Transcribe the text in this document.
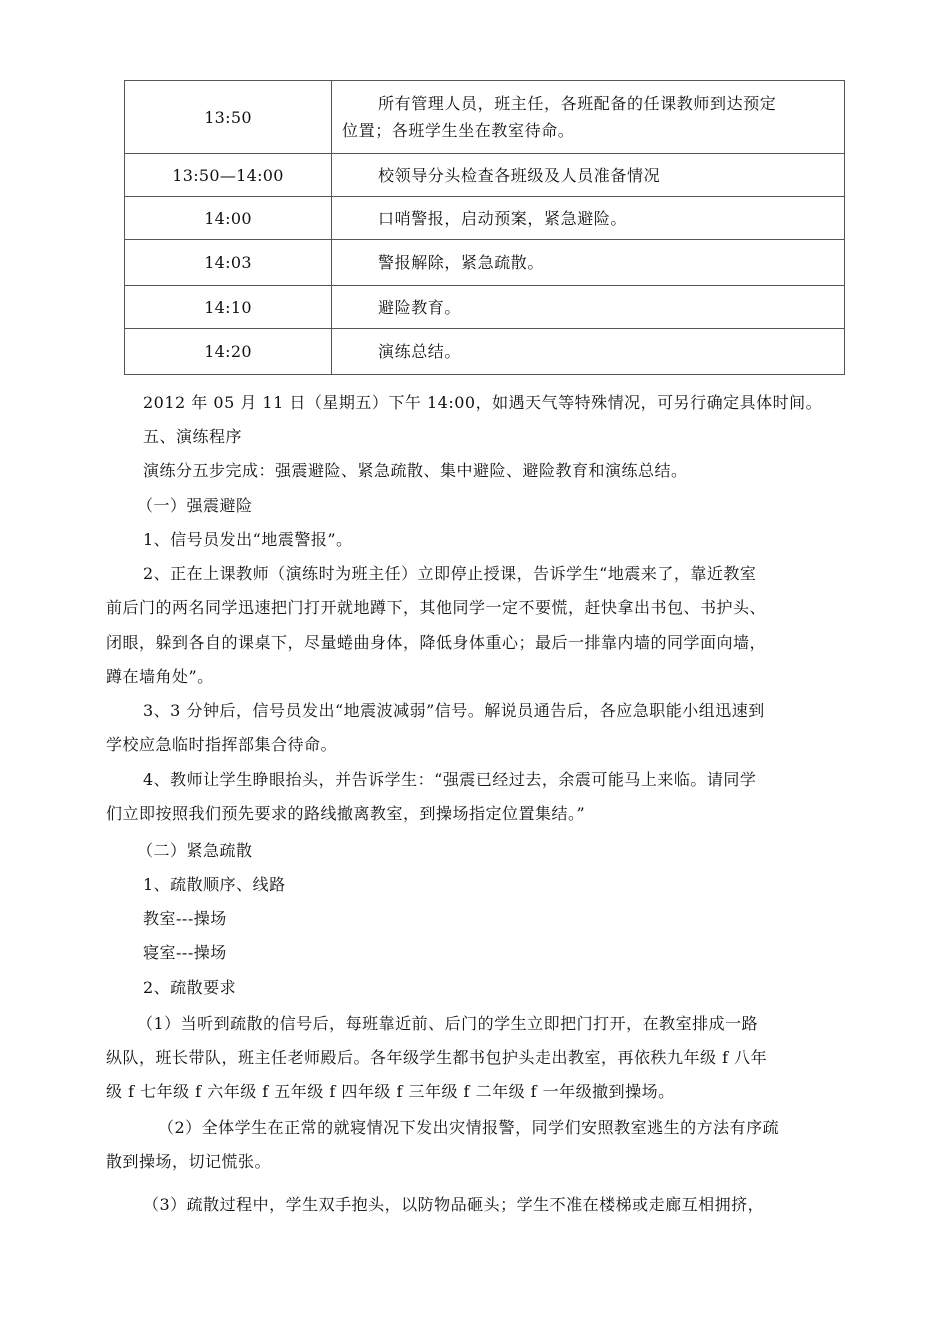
13:50	所有管理人员，班主任，各班配备的任课教师到达预定
位置；各班学生坐在教室待命。
13:50—14:00	校领导分头检查各班级及人员准备情况
14:00	口哨警报，启动预案，紧急避险。
14:03	警报解除，紧急疏散。
14:10	避险教育。
14:20	演练总结。
2012 年 05 月 11 日（星期五）下午 14:00，如遇天气等特殊情况，可另行确定具体时间。
五、演练程序
演练分五步完成：强震避险、紧急疏散、集中避险、避险教育和演练总结。
（一）强震避险
1、信号员发出“地震警报”。
2、正在上课教师（演练时为班主任）立即停止授课，告诉学生“地震来了，靠近教室
前后门的两名同学迅速把门打开就地蹲下，其他同学一定不要慌，赶快拿出书包、书护头、
闭眼，躲到各自的课桌下，尽量蜷曲身体，降低身体重心；最后一排靠内墙的同学面向墙，
蹲在墙角处”。
3、3 分钟后，信号员发出“地震波减弱”信号。解说员通告后，各应急职能小组迅速到
学校应急临时指挥部集合待命。
4、教师让学生睁眼抬头，并告诉学生：“强震已经过去，余震可能马上来临。请同学
们立即按照我们预先要求的路线撤离教室，到操场指定位置集结。”
（二）紧急疏散
1、疏散顺序、线路
教室---操场
寝室---操场
2、疏散要求
（1）当听到疏散的信号后，每班靠近前、后门的学生立即把门打开，在教室排成一路
纵队，班长带队，班主任老师殿后。各年级学生都书包护头走出教室，再依秩九年级 f 八年
级 f 七年级 f 六年级 f 五年级 f 四年级 f 三年级 f 二年级 f 一年级撤到操场。
（2）全体学生在正常的就寝情况下发出灾情报警，同学们安照教室逃生的方法有序疏
散到操场，切记慌张。
（3）疏散过程中，学生双手抱头，以防物品砸头；学生不准在楼梯或走廊互相拥挤，
